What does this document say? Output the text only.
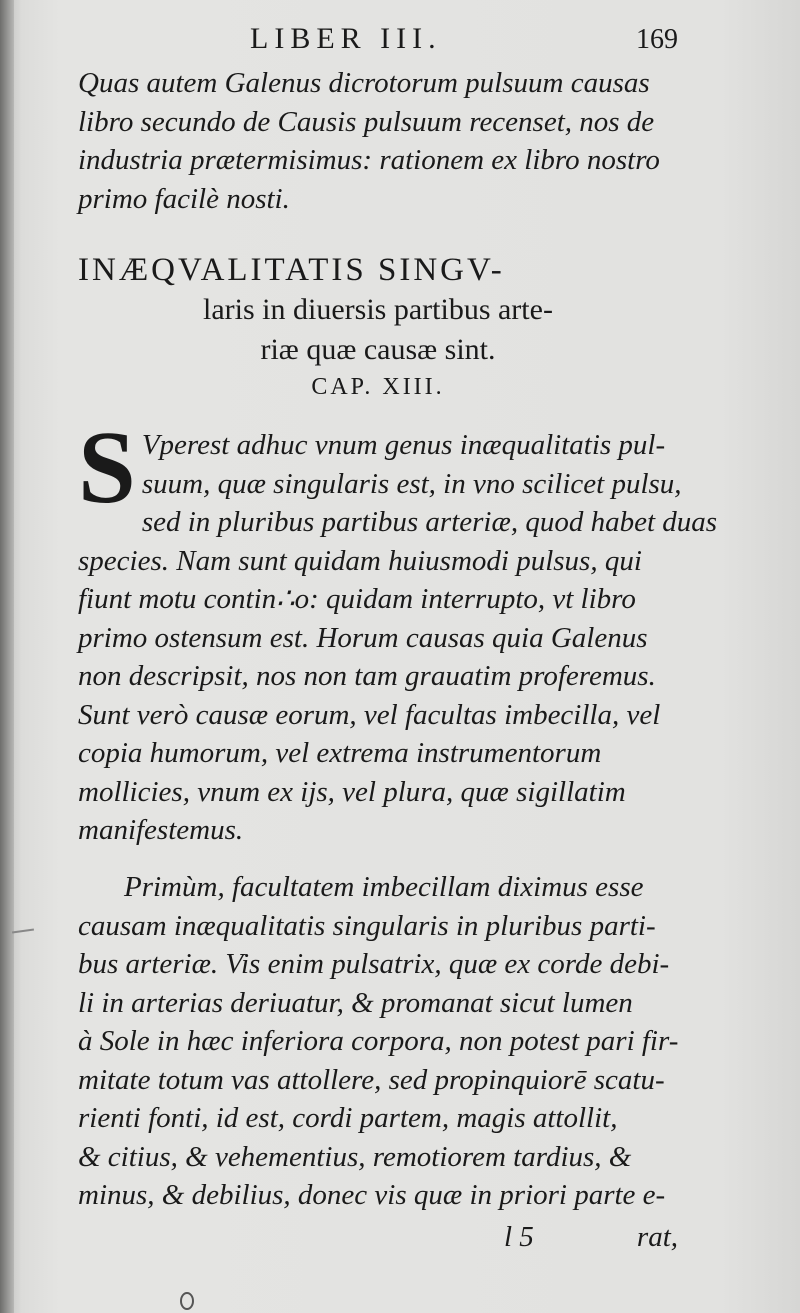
LIBER III.	169
Quas autem Galenus dicrotorum pulsuum causas
libro secundo de Causis pulsuum recenset, nos de
industria prætermisimus: rationem ex libro nostro
primo facilè nosti.
INÆQVALITATIS SINGV-
laris in diuersis partibus arte-
riæ quæ causæ sint.
CAP. XIII.
S Vperest adhuc vnum genus inæqualitatis pul-
suum, quæ singularis est, in vno scilicet pulsu,
sed in pluribus partibus arteriæ, quod habet duas
species. Nam sunt quidam huiusmodi pulsus, qui
fiunt motu contin∴o: quidam interrupto, vt libro
primo ostensum est. Horum causas quia Galenus
non descripsit, nos non tam grauatim proferemus.
Sunt verò causæ eorum, vel facultas imbecilla, vel
copia humorum, vel extrema instrumentorum
mollicies, vnum ex ijs, vel plura, quæ sigillatim
manifestemus.
Primùm, facultatem imbecillam diximus esse
causam inæqualitatis singularis in pluribus parti-
bus arteriæ. Vis enim pulsatrix, quæ ex corde debi-
li in arterias deriuatur, & promanat sicut lumen
à Sole in hæc inferiora corpora, non potest pari fir-
mitate totum vas attollere, sed propinquiorē scatu-
rienti fonti, id est, cordi partem, magis attollit,
& citius, & vehementius, remotiorem tardius, &
minus, & debilius, donec vis quæ in priori parte e-
l 5	rat,
